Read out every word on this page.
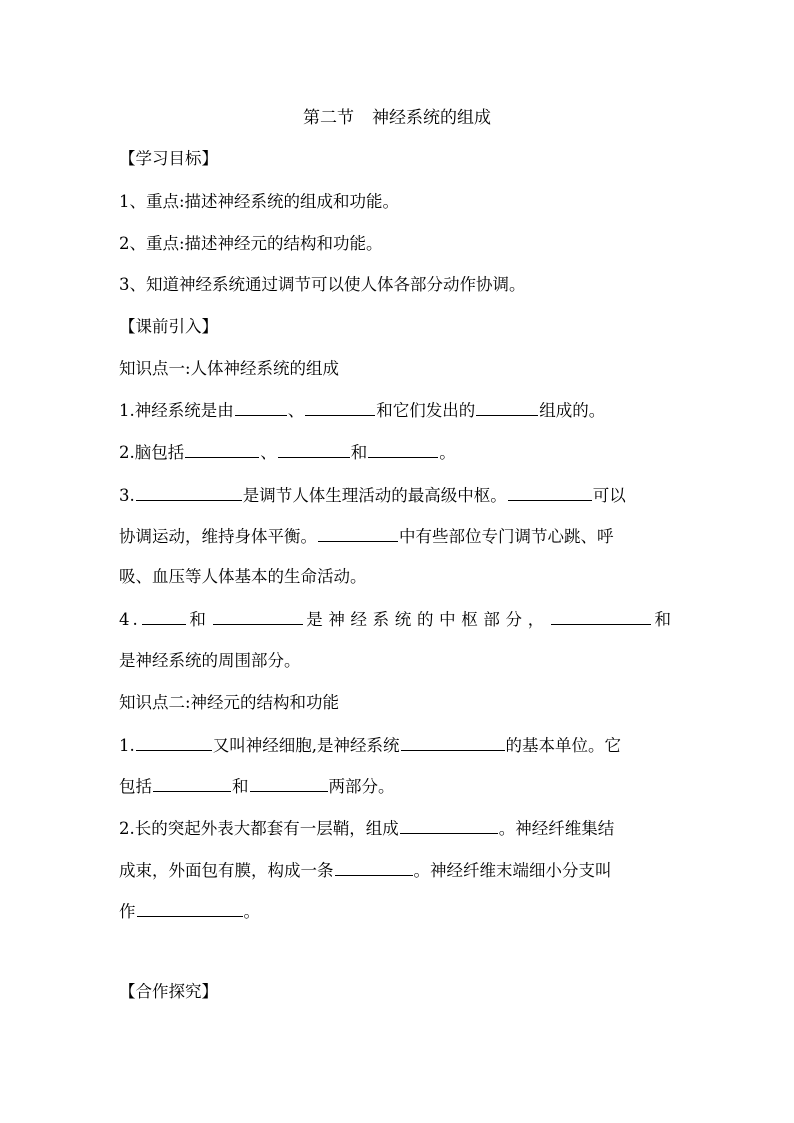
第二节 神经系统的组成
【学习目标】
1、重点:描述神经系统的组成和功能。
2、重点:描述神经元的结构和功能。
3、知道神经系统通过调节可以使人体各部分动作协调。
【课前引入】
知识点一:人体神经系统的组成
1.神经系统是由	、	和它们发出的	组成的。
2.脑包括	、	和	。
3.	是调节人体生理活动的最高级中枢。	可以
协调运动，维持身体平衡。	中有些部位专门调节心跳、呼
吸、血压等人体基本的生命活动。
4.	和	是神经系统的中枢部分，	和
是神经系统的周围部分。
知识点二:神经元的结构和功能
1.	又叫神经细胞,是神经系统	的基本单位。它
包括	和	两部分。
2.长的突起外表大都套有一层鞘，组成	。神经纤维集结
成束，外面包有膜，构成一条	。神经纤维末端细小分支叫
作	。
【合作探究】
